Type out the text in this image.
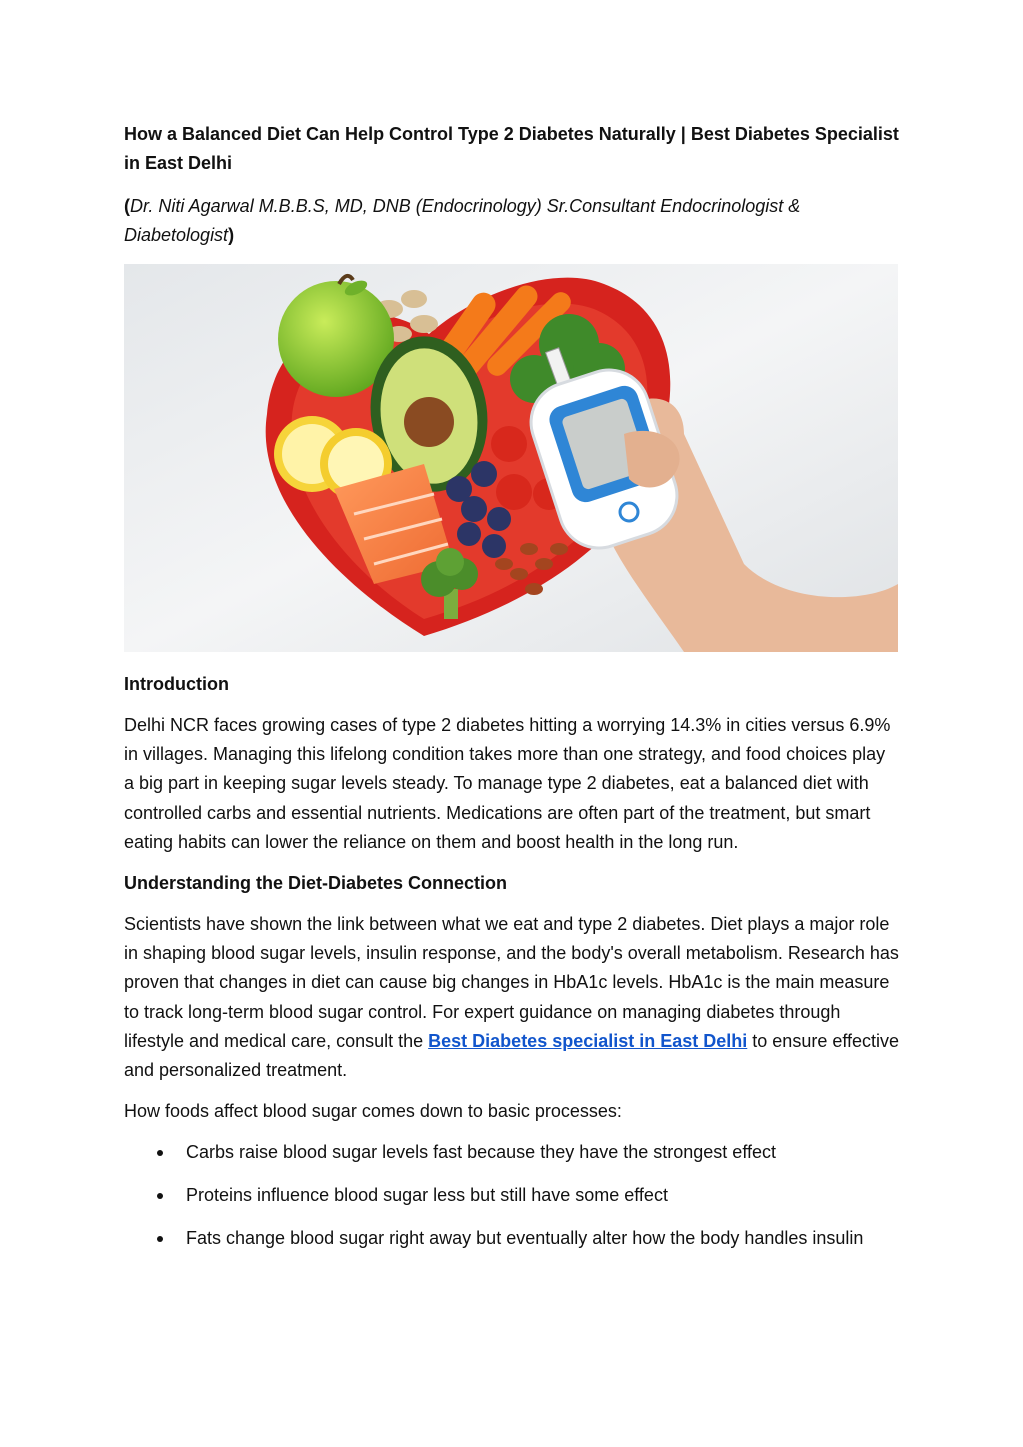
How a Balanced Diet Can Help Control Type 2 Diabetes Naturally | Best Diabetes Specialist in East Delhi
(Dr. Niti Agarwal M.B.B.S, MD, DNB (Endocrinology) Sr.Consultant Endocrinologist & Diabetologist)
Introduction

Delhi NCR faces growing cases of type 2 diabetes hitting a worrying 14.3% in cities versus 6.9% in villages. Managing this lifelong condition takes more than one strategy, and food choices play a big part in keeping sugar levels steady. To manage type 2 diabetes, eat a balanced diet with controlled carbs and essential nutrients. Medications are often part of the treatment, but smart eating habits can lower the reliance on them and boost health in the long run.

Understanding the Diet-Diabetes Connection

Scientists have shown the link between what we eat and type 2 diabetes. Diet plays a major role in shaping blood sugar levels, insulin response, and the body's overall metabolism. Research has proven that changes in diet can cause big changes in HbA1c levels. HbA1c is the main measure to track long-term blood sugar control. For expert guidance on managing diabetes through lifestyle and medical care, consult the Best Diabetes specialist in East Delhi to ensure effective and personalized treatment.

How foods affect blood sugar comes down to basic processes:

Carbs raise blood sugar levels fast because they have the strongest effect
Proteins influence blood sugar less but still have some effect
Fats change blood sugar right away but eventually alter how the body handles insulin
